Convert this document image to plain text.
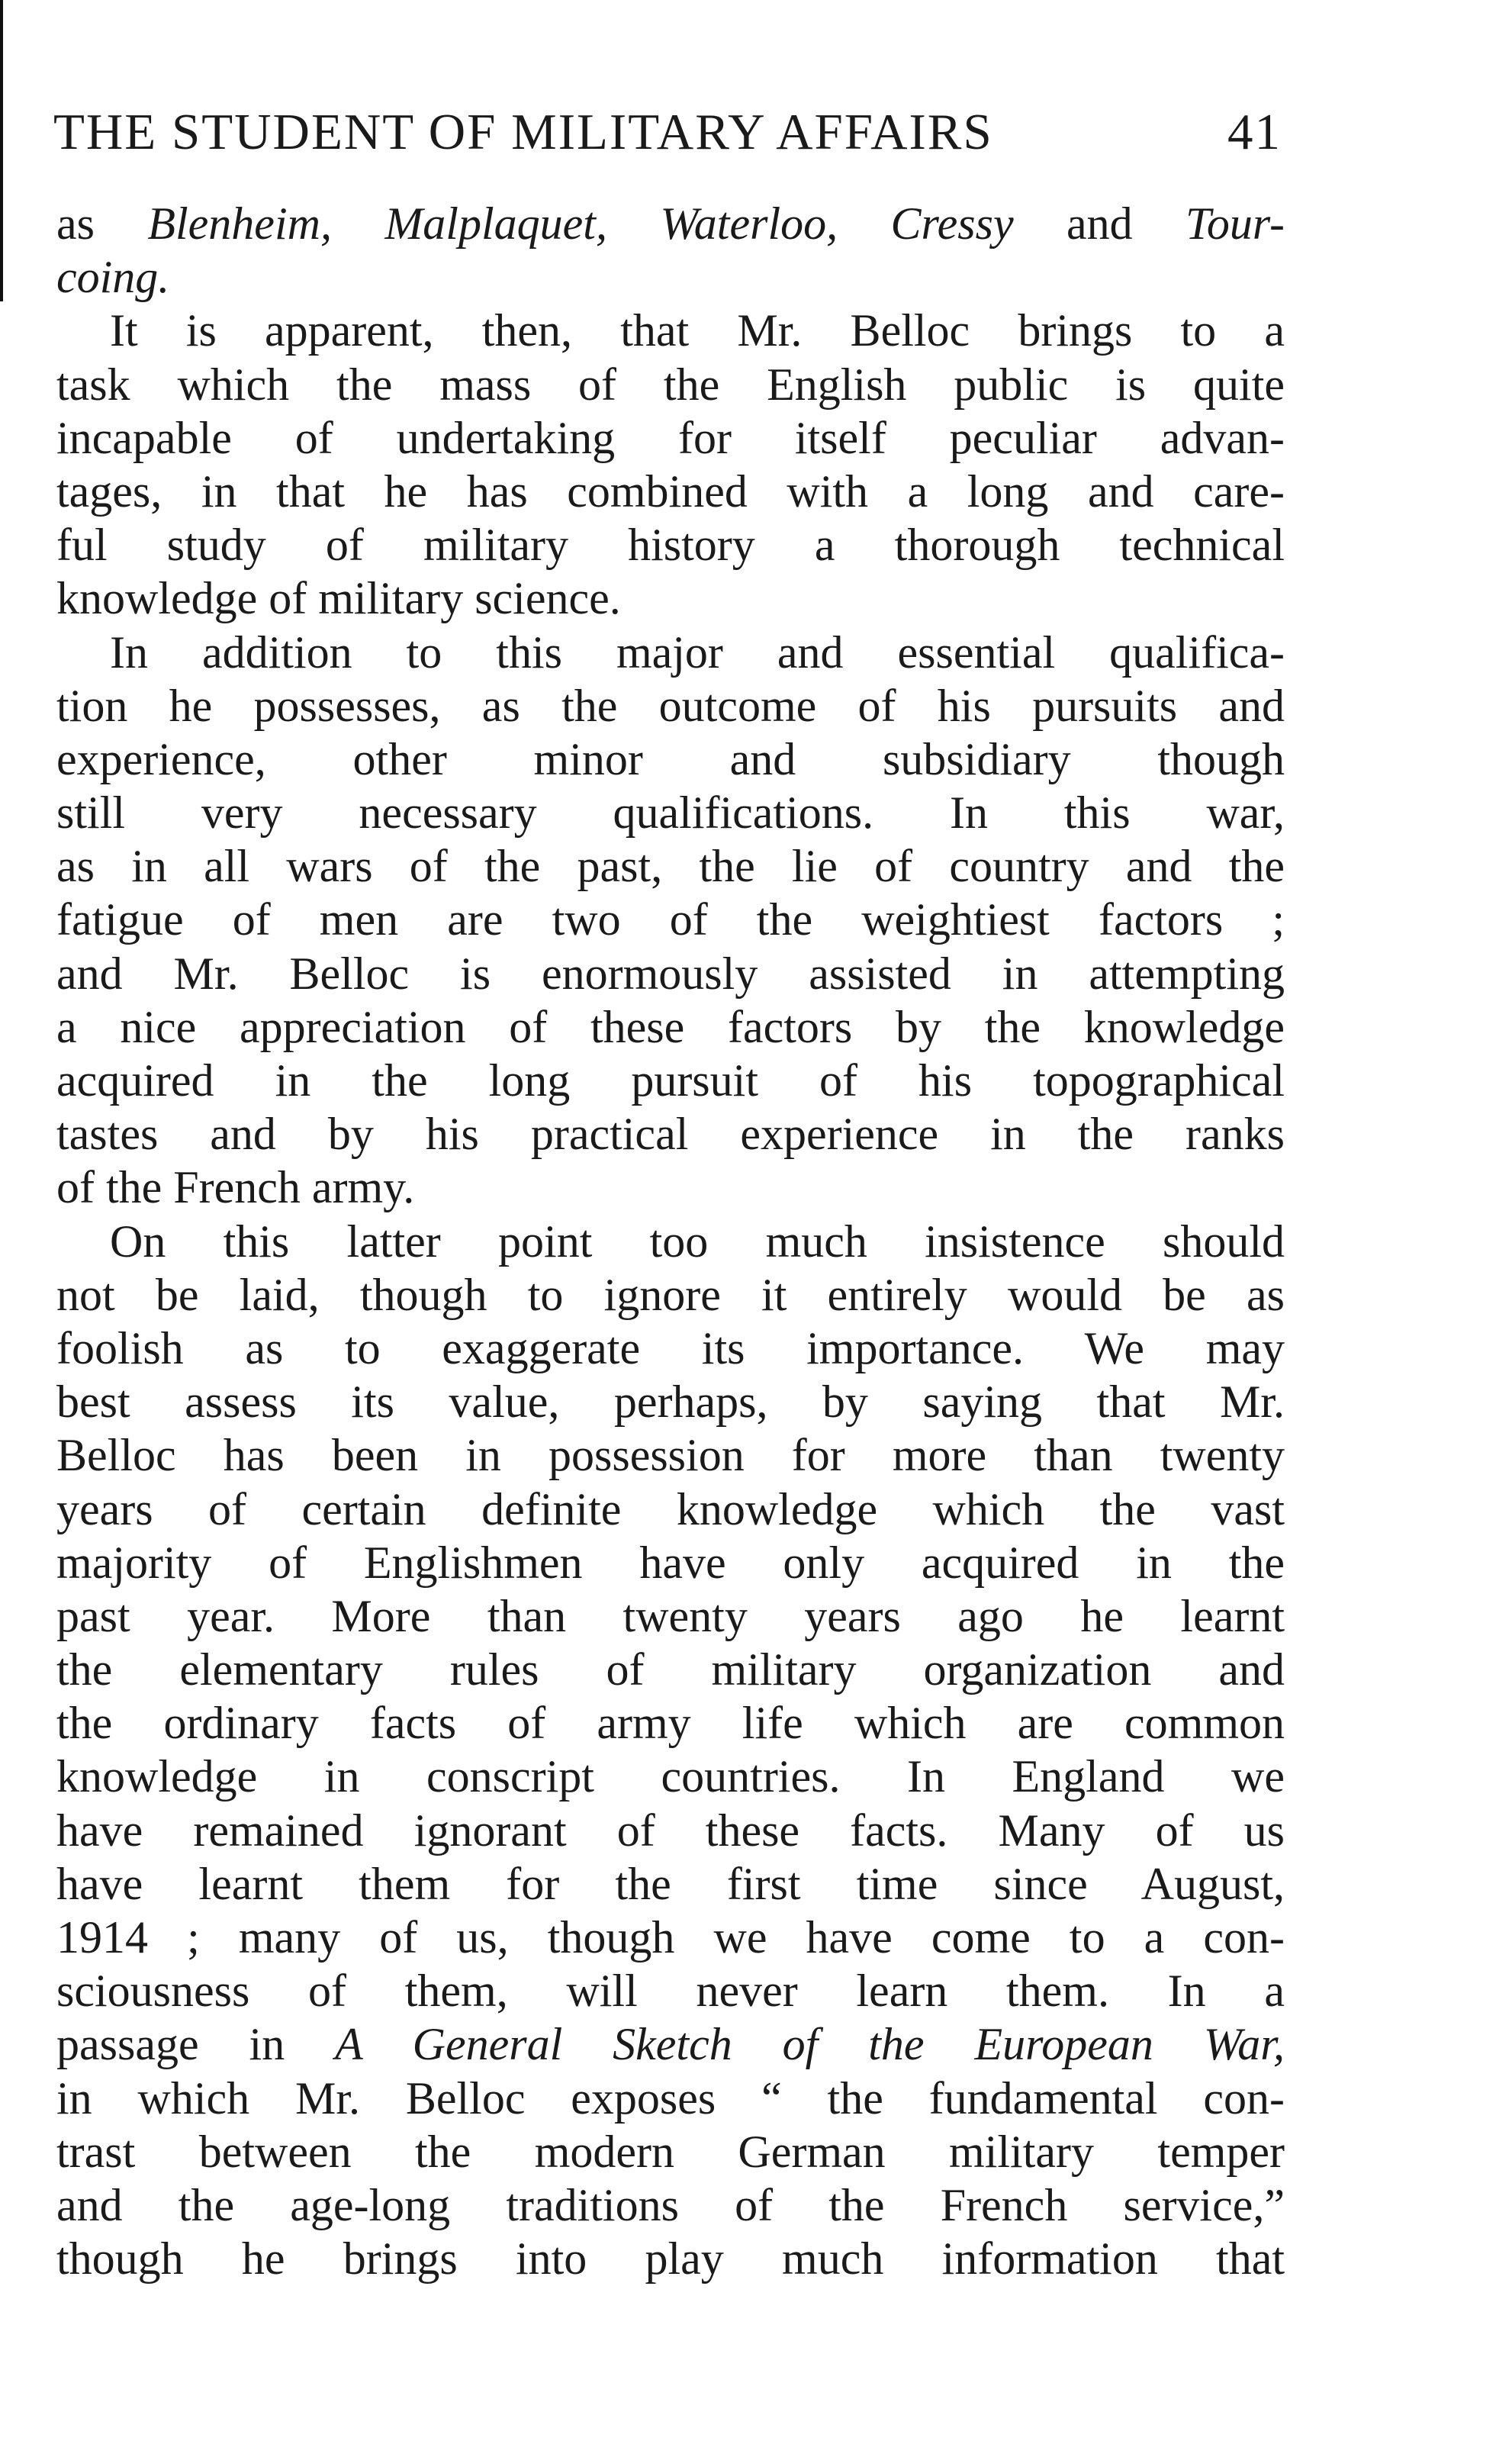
THE STUDENT OF MILITARY AFFAIRS	41
as Blenheim, Malplaquet, Waterloo, Cressy and Tour-
coing.
It is apparent, then, that Mr. Belloc brings to a
task which the mass of the English public is quite
incapable of undertaking for itself peculiar advan-
tages, in that he has combined with a long and care-
ful study of military history a thorough technical
knowledge of military science.
In addition to this major and essential qualifica-
tion he possesses, as the outcome of his pursuits and
experience, other minor and subsidiary though
still very necessary qualifications. In this war,
as in all wars of the past, the lie of country and the
fatigue of men are two of the weightiest factors ;
and Mr. Belloc is enormously assisted in attempting
a nice appreciation of these factors by the knowledge
acquired in the long pursuit of his topographical
tastes and by his practical experience in the ranks
of the French army.
On this latter point too much insistence should
not be laid, though to ignore it entirely would be as
foolish as to exaggerate its importance. We may
best assess its value, perhaps, by saying that Mr.
Belloc has been in possession for more than twenty
years of certain definite knowledge which the vast
majority of Englishmen have only acquired in the
past year. More than twenty years ago he learnt
the elementary rules of military organization and
the ordinary facts of army life which are common
knowledge in conscript countries. In England we
have remained ignorant of these facts. Many of us
have learnt them for the first time since August,
1914 ; many of us, though we have come to a con-
sciousness of them, will never learn them. In a
passage in A General Sketch of the European War,
in which Mr. Belloc exposes “ the fundamental con-
trast between the modern German military temper
and the age-long traditions of the French service,”
though he brings into play much information that
